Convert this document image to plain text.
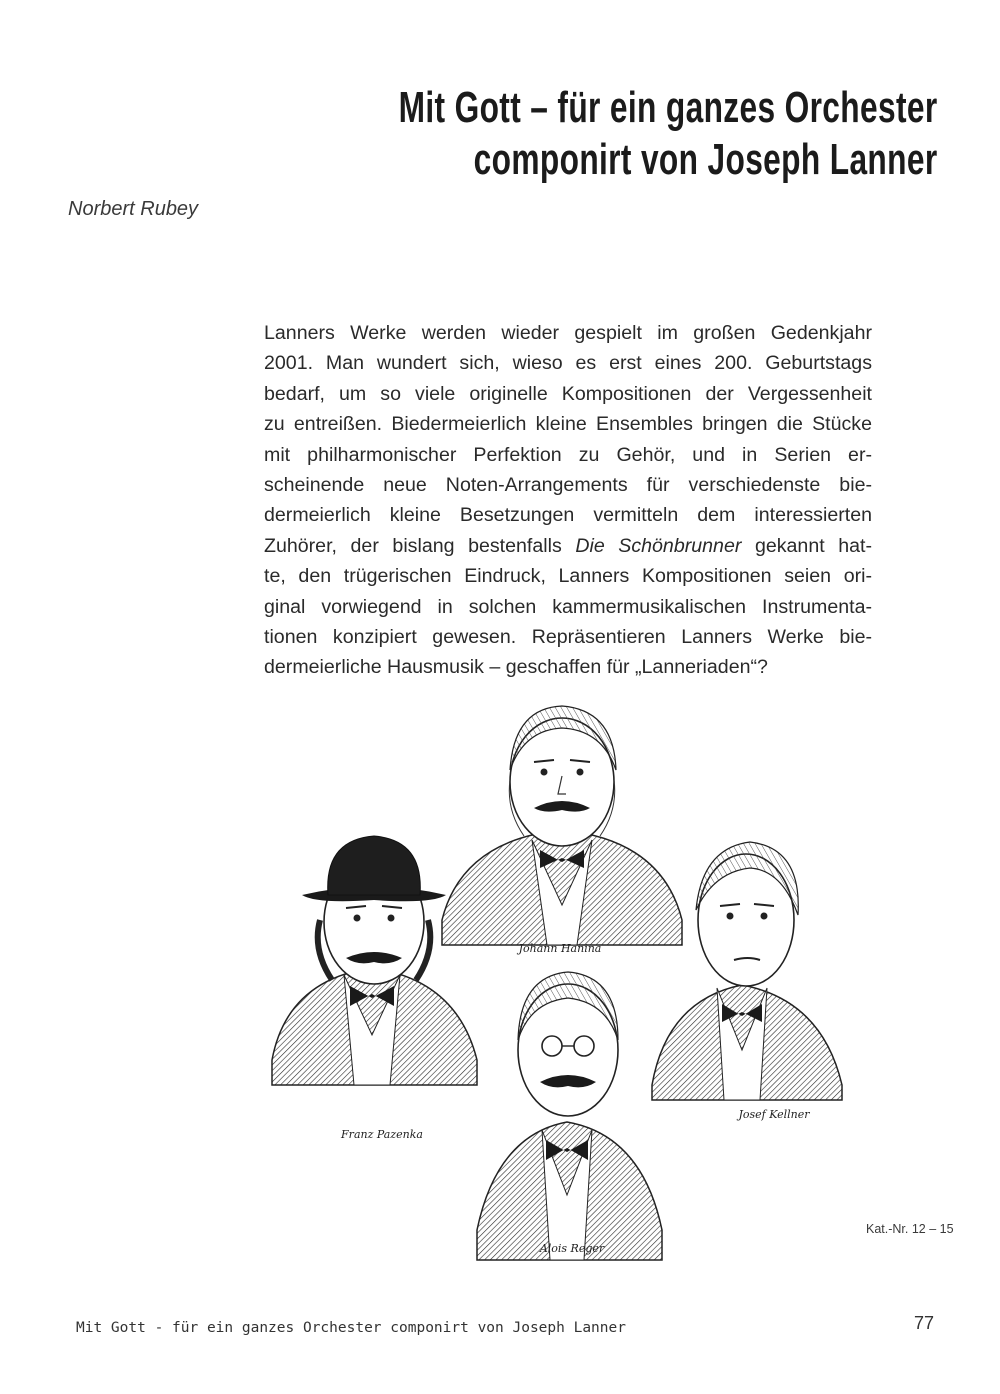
Mit Gott – für ein ganzes Orchester
componirt von Joseph Lanner
Norbert Rubey
Lanners Werke werden wieder gespielt im großen Gedenkjahr
2001. Man wundert sich, wieso es erst eines 200. Geburtstags
bedarf, um so viele originelle Kompositionen der Vergessenheit
zu entreißen. Biedermeierlich kleine Ensembles bringen die Stücke
mit philharmonischer Perfektion zu Gehör, und in Serien er-
scheinende neue Noten-Arrangements für verschiedenste bie-
dermeierlich kleine Besetzungen vermitteln dem interessierten
Zuhörer, der bislang bestenfalls Die Schönbrunner gekannt hat-
te, den trügerischen Eindruck, Lanners Kompositionen seien ori-
ginal vorwiegend in solchen kammermusikalischen Instrumenta-
tionen konzipiert gewesen. Repräsentieren Lanners Werke bie-
dermeierliche Hausmusik – geschaffen für „Lanneriaden“?
Johann Hanina
Franz Pazenka
Josef Kellner
Alois Reger
Kat.-Nr. 12 – 15
Mit Gott - für ein ganzes Orchester componirt von Joseph Lanner	77
